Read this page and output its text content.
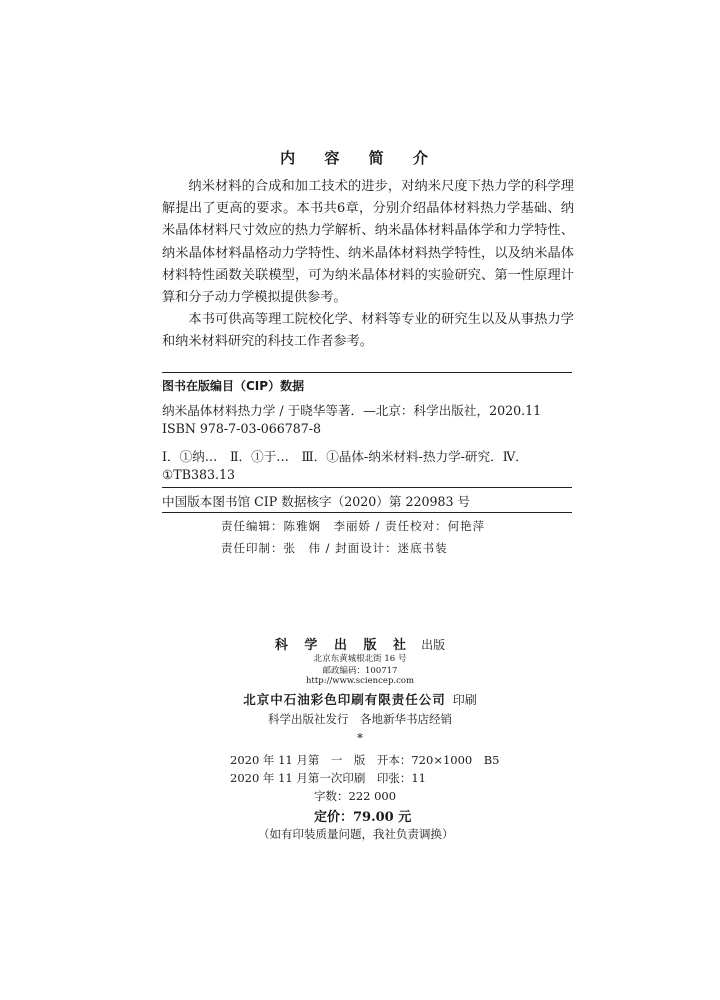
内 容 简 介

纳米材料的合成和加工技术的进步，对纳米尺度下热力学的科学理解提出了更高的要求。本书共6章，分别介绍晶体材料热力学基础、纳米晶体材料尺寸效应的热力学解析、纳米晶体材料晶体学和力学特性、纳米晶体材料晶格动力学特性、纳米晶体材料热学特性，以及纳米晶体材料特性函数关联模型，可为纳米晶体材料的实验研究、第一性原理计算和分子动力学模拟提供参考。

本书可供高等理工院校化学、材料等专业的研究生以及从事热力学和纳米材料研究的科技工作者参考。

图书在版编目（CIP）数据
纳米晶体材料热力学 / 于晓华等著．—北京：科学出版社，2020.11
ISBN 978-7-03-066787-8
Ⅰ．①纳…　Ⅱ．①于…　Ⅲ．①晶体-纳米材料-热力学-研究．Ⅳ．
①TB383.13
中国版本图书馆 CIP 数据核字（2020）第 220983 号
责任编辑：陈雅娴　李丽娇 / 责任校对：何艳萍
责任印制：张　伟 / 封面设计：迷底书装
科 学 出 版 社 出版
北京东黄城根北街 16 号
邮政编码：100717
http://www.sciencep.com
北京中石油彩色印刷有限责任公司 印刷
科学出版社发行　各地新华书店经销
*
2020 年 11 月第　一　版　开本：720×1000　B5
2020 年 11 月第一次印刷　印张：11
字数：222 000
定价：79.00 元
（如有印装质量问题，我社负责调换）
